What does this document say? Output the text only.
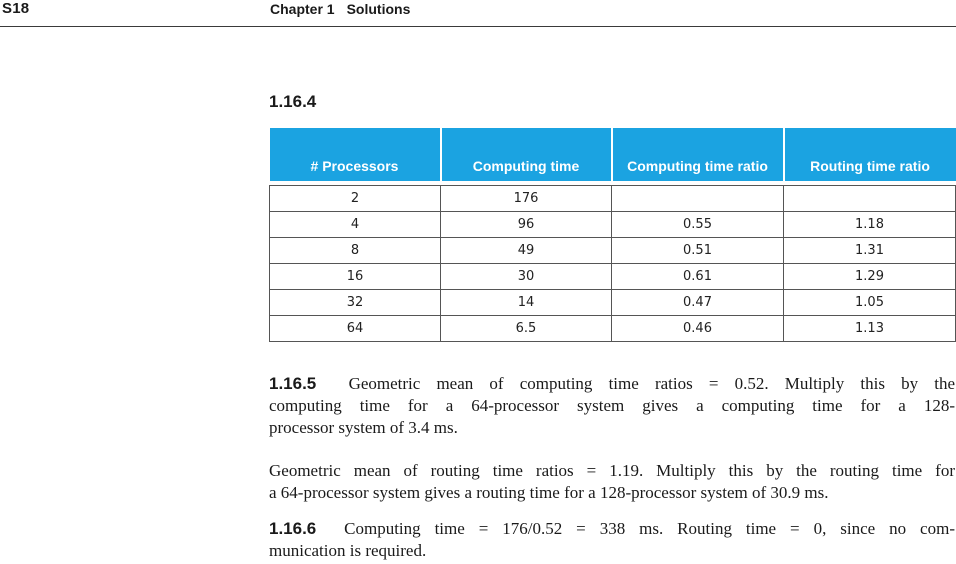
S18	Chapter 1 Solutions
1.16.4
# Processors	Computing time	Computing time ratio	Routing time ratio

2	176		
4	96	0.55	1.18
8	49	0.51	1.31
16	30	0.61	1.29
32	14	0.47	1.05
64	6.5	0.46	1.13
1.16.5 Geometric mean of computing time ratios = 0.52. Multiply this by the
computing time for a 64-processor system gives a computing time for a 128-
processor system of 3.4 ms.
Geometric mean of routing time ratios = 1.19. Multiply this by the routing time for
a 64-processor system gives a routing time for a 128-processor system of 30.9 ms.
1.16.6 Computing time = 176/0.52 = 338 ms. Routing time = 0, since no com-
munication is required.
